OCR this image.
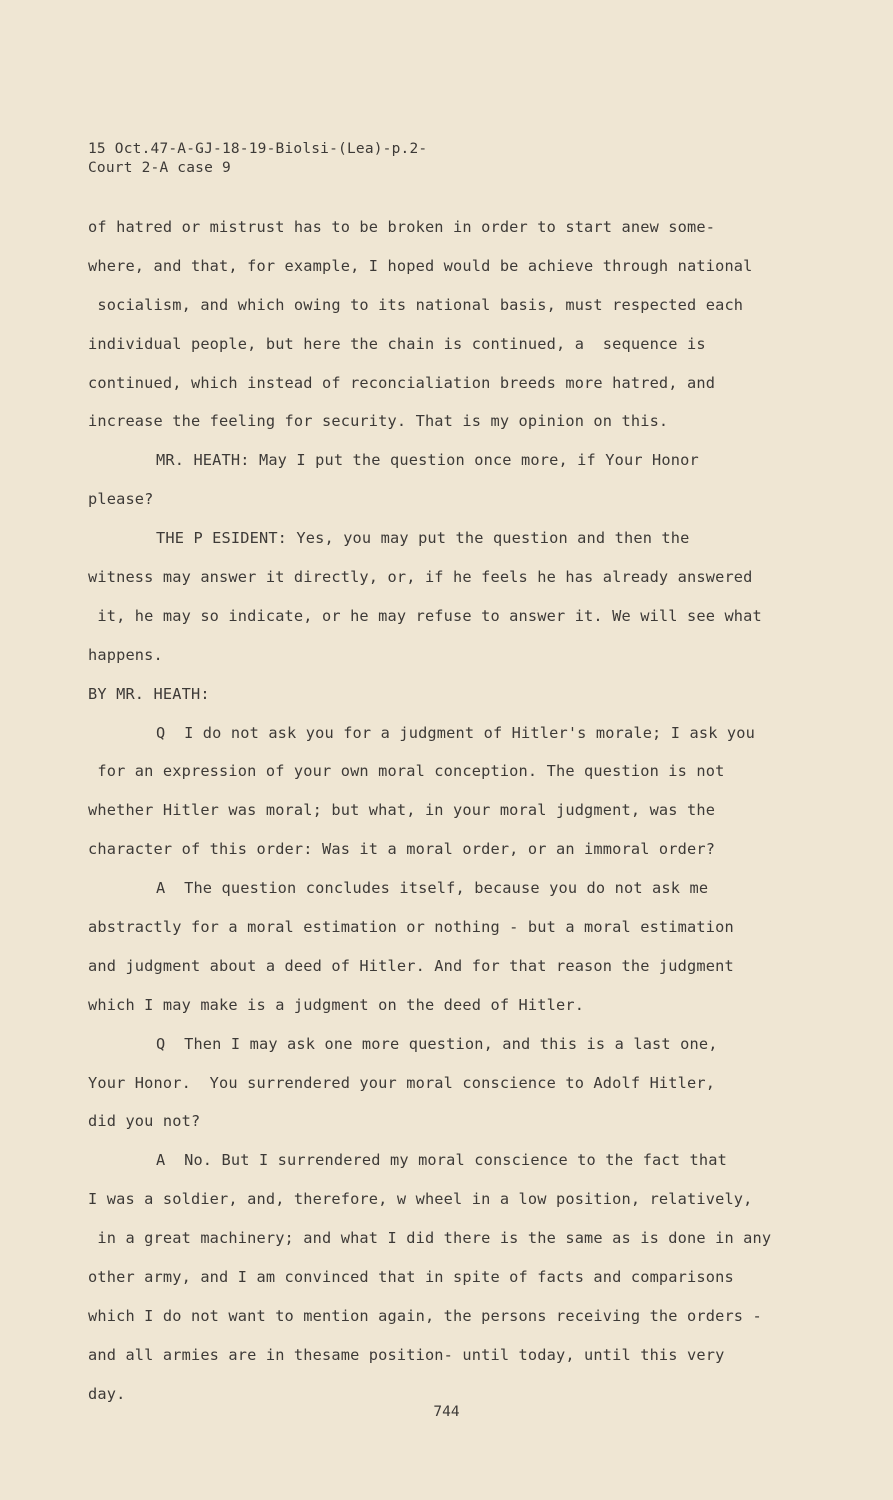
15 Oct.47-A-GJ-18-19-Biolsi-(Lea)-p.2-
Court 2-A case 9
of hatred or mistrust has to be broken in order to start anew some-
where, and that, for example, I hoped would be achieve through national
socialism, and which owing to its national basis, must respected each
individual people, but here the chain is continued, a  sequence is
continued, which instead of reconcialiation breeds more hatred, and
increase the feeling for security. That is my opinion on this.
MR. HEATH: May I put the question once more, if Your Honor
please?
THE P ESIDENT: Yes, you may put the question and then the
witness may answer it directly, or, if he feels he has already answered
it, he may so indicate, or he may refuse to answer it. We will see what
happens.
BY MR. HEATH:
Q  I do not ask you for a judgment of Hitler's morale; I ask you
for an expression of your own moral conception. The question is not
whether Hitler was moral; but what, in your moral judgment, was the
character of this order: Was it a moral order, or an immoral order?
A  The question concludes itself, because you do not ask me
abstractly for a moral estimation or nothing - but a moral estimation
and judgment about a deed of Hitler. And for that reason the judgment
which I may make is a judgment on the deed of Hitler.
Q  Then I may ask one more question, and this is a last one,
Your Honor.  You surrendered your moral conscience to Adolf Hitler,
did you not?
A  No. But I surrendered my moral conscience to the fact that
I was a soldier, and, therefore, w wheel in a low position, relatively,
in a great machinery; and what I did there is the same as is done in any
other army, and I am convinced that in spite of facts and comparisons
which I do not want to mention again, the persons receiving the orders -
and all armies are in thesame position- until today, until this very
day.
744
